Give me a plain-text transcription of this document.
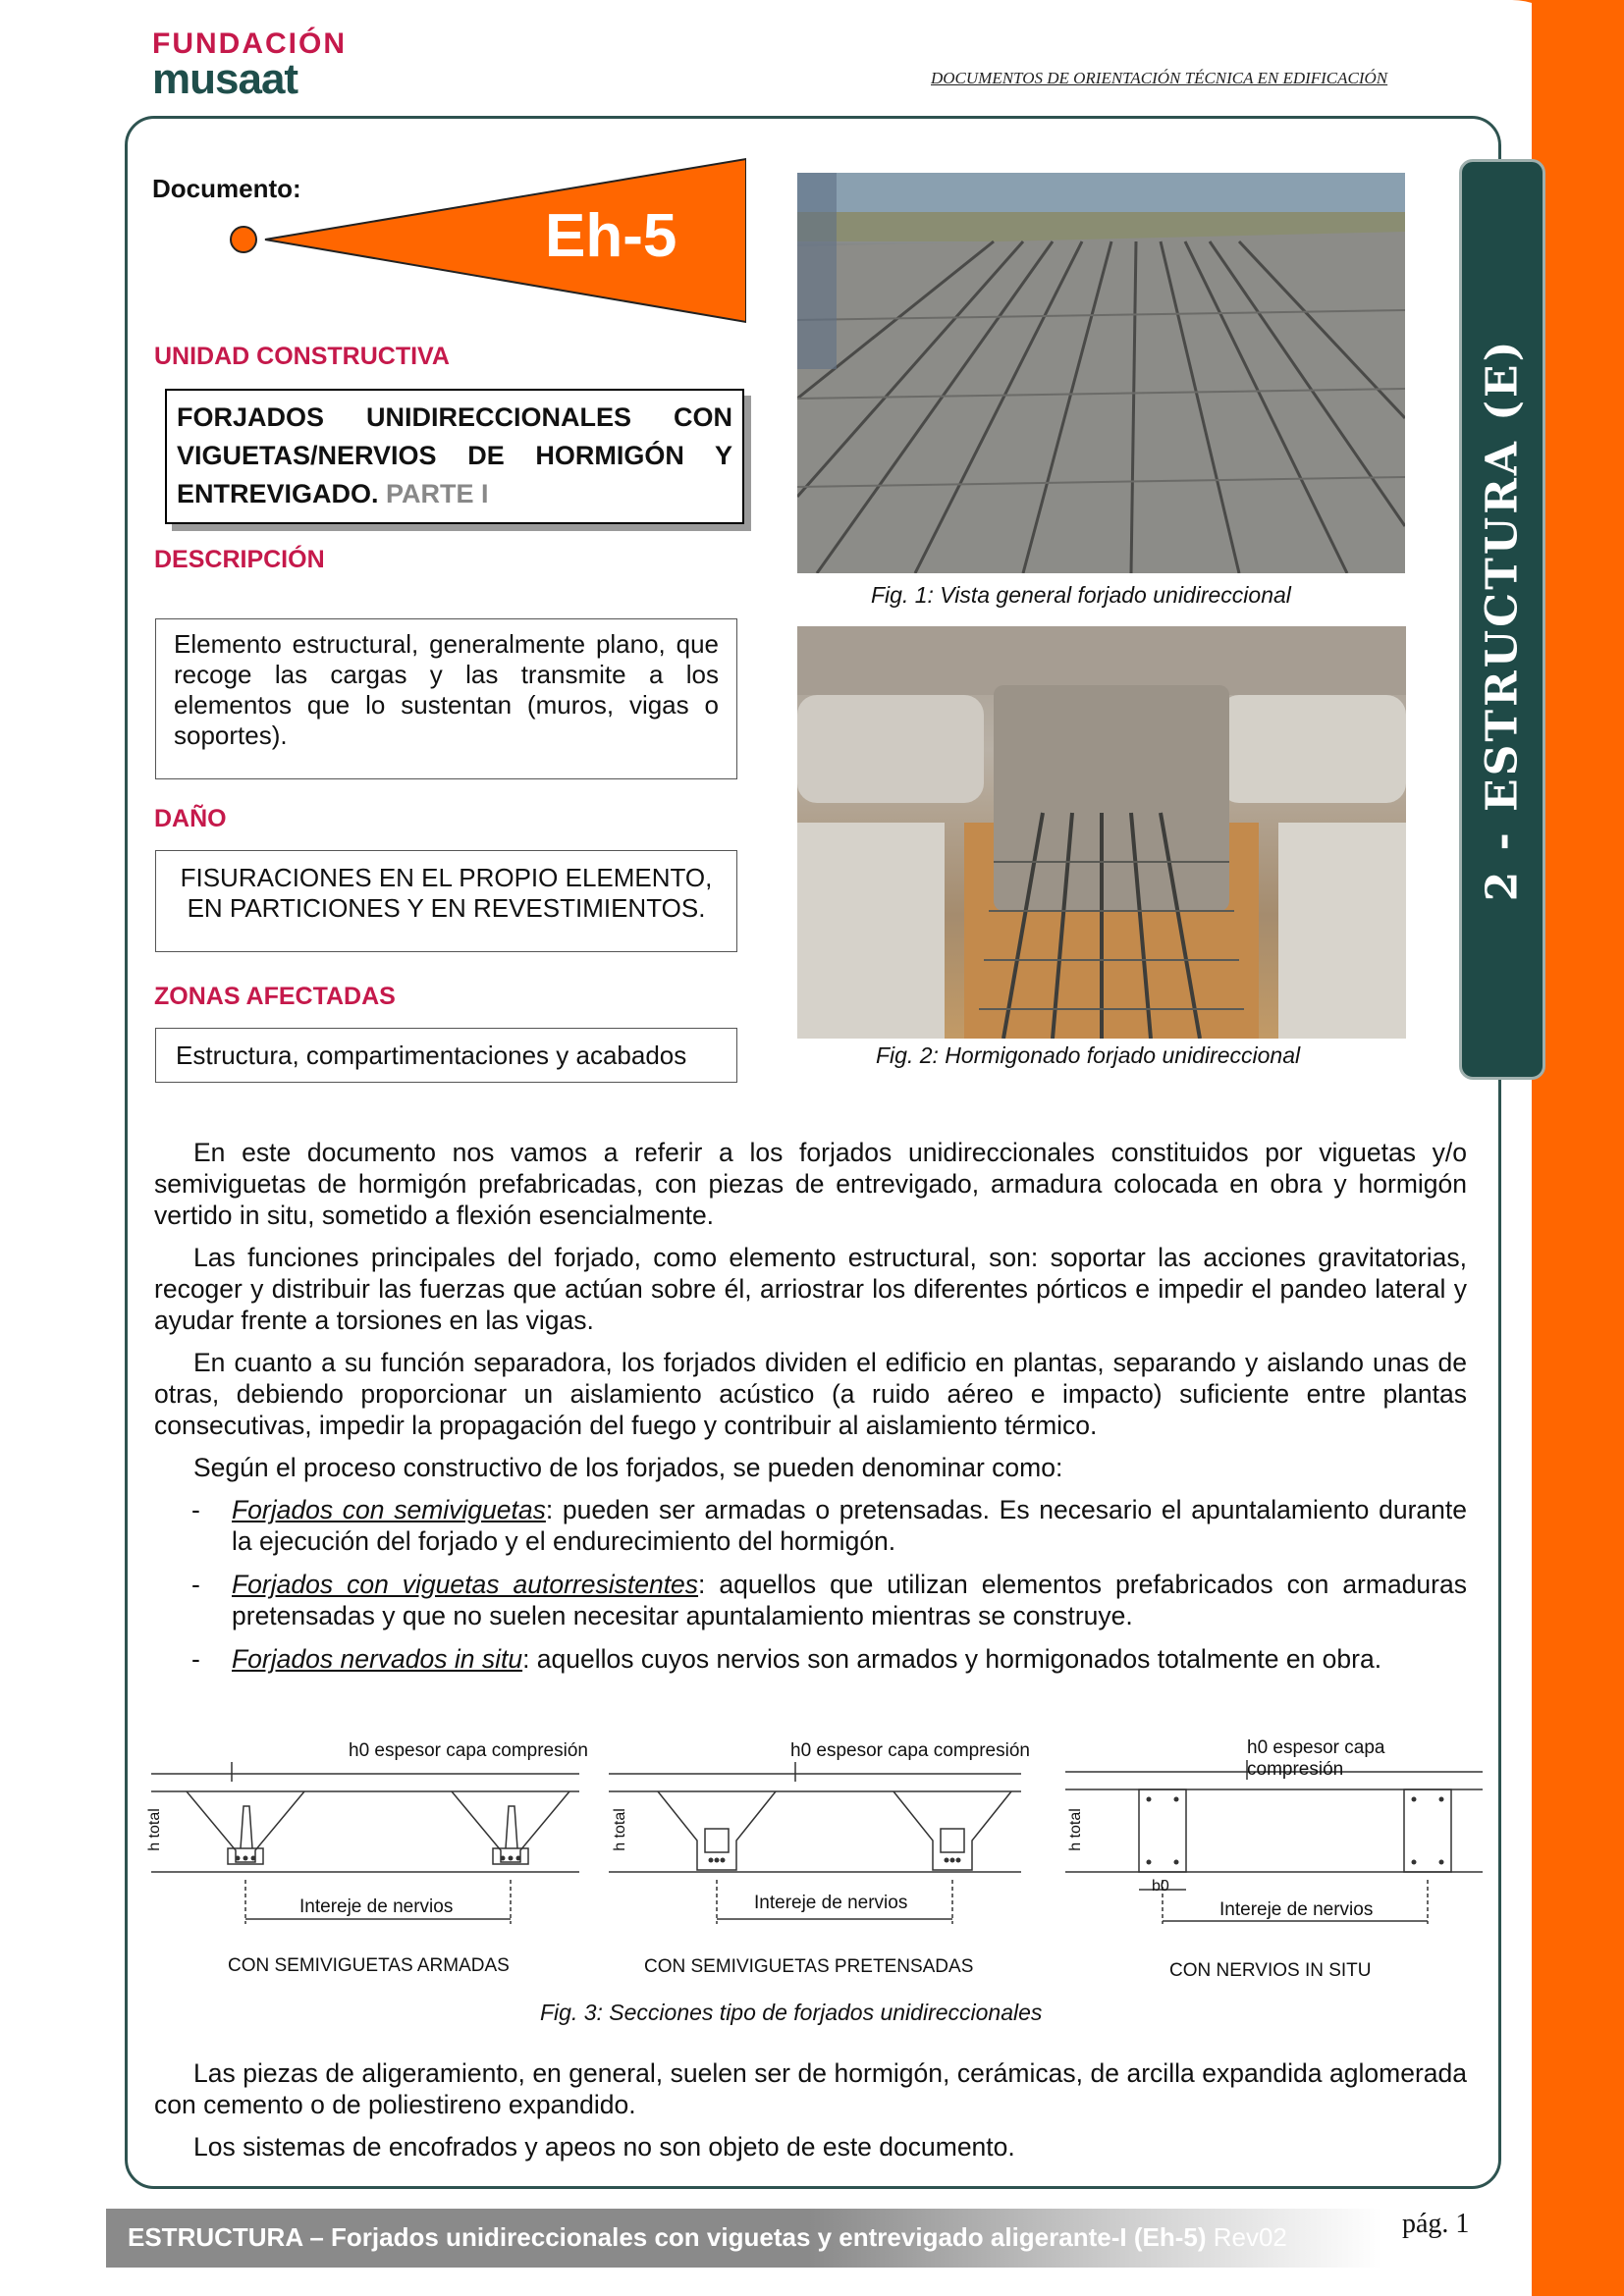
FUNDACIÓN
musaat	DOCUMENTOS DE ORIENTACIÓN TÉCNICA EN EDIFICACIÓN
2 - ESTRUCTURA (E)
Documento:
Eh-5
UNIDAD CONSTRUCTIVA
FORJADOS UNIDIRECCIONALES CON VIGUETAS/NERVIOS DE HORMIGÓN Y ENTREVIGADO. PARTE I
DESCRIPCIÓN
Elemento estructural, generalmente plano, que recoge las cargas y las transmite a los elementos que lo sustentan (muros, vigas o soportes).
DAÑO
FISURACIONES EN EL PROPIO ELEMENTO, EN PARTICIONES Y EN REVESTIMIENTOS.
ZONAS AFECTADAS
Estructura, compartimentaciones y acabados
Fig. 1: Vista general forjado unidireccional
Fig. 2: Hormigonado forjado unidireccional

En este documento nos vamos a referir a los forjados unidireccionales constituidos por viguetas y/o semiviguetas de hormigón prefabricadas, con piezas de entrevigado, armadura colocada en obra y hormigón vertido in situ, sometido a flexión esencialmente.

Las funciones principales del forjado, como elemento estructural, son: soportar las acciones gravitatorias, recoger y distribuir las fuerzas que actúan sobre él, arriostrar los diferentes pórticos e impedir el pandeo lateral y ayudar frente a torsiones en las vigas.

En cuanto a su función separadora, los forjados dividen el edificio en plantas, separando y aislando unas de otras, debiendo proporcionar un aislamiento acústico (a ruido aéreo e impacto) suficiente entre plantas consecutivas, impedir la propagación del fuego y contribuir al aislamiento térmico.

Según el proceso constructivo de los forjados, se pueden denominar como:

- Forjados con semiviguetas: pueden ser armadas o pretensadas. Es necesario el apuntalamiento durante la ejecución del forjado y el endurecimiento del hormigón.
- Forjados con viguetas autorresistentes: aquellos que utilizan elementos prefabricados con armaduras pretensadas y que no suelen necesitar apuntalamiento mientras se construye.
- Forjados nervados in situ: aquellos cuyos nervios son armados y hormigonados totalmente en obra.
h0 espesor capa compresión	h0 espesor capa compresión	h0 espesor capa compresión
h total	h total	h total
Intereje de nervios	Intereje de nervios	Intereje de nervios
b0
CON SEMIVIGUETAS ARMADAS	CON SEMIVIGUETAS PRETENSADAS	CON NERVIOS IN SITU
Fig. 3: Secciones tipo de forjados unidireccionales

Las piezas de aligeramiento, en general, suelen ser de hormigón, cerámicas, de arcilla expandida aglomerada con cemento o de poliestireno expandido.

Los sistemas de encofrados y apeos no son objeto de este documento.

ESTRUCTURA – Forjados unidireccionales con viguetas y entrevigado aligerante-I (Eh-5) Rev02	pág. 1
